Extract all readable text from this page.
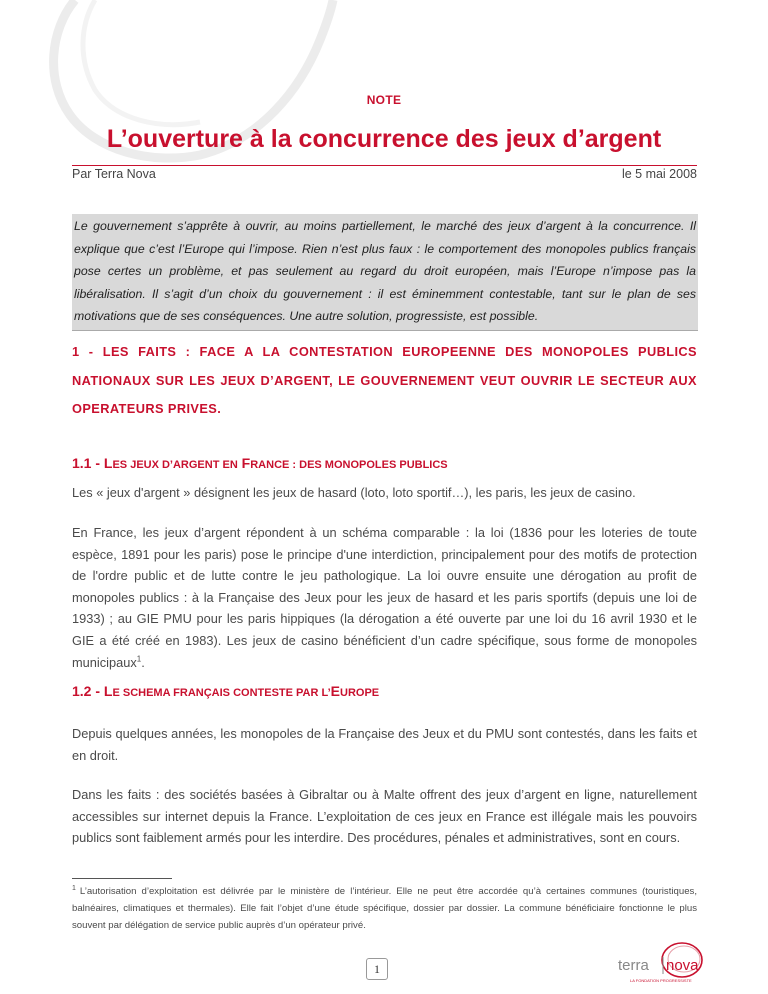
NOTE
L’ouverture à la concurrence des jeux d’argent
Par Terra Nova	le 5 mai 2008
Le gouvernement s’apprête à ouvrir, au moins partiellement, le marché des jeux d’argent à la concurrence. Il explique que c’est l’Europe qui l’impose. Rien n’est plus faux : le comportement des monopoles publics français pose certes un problème, et pas seulement au regard du droit européen, mais l’Europe n’impose pas la libéralisation. Il s’agit d’un choix du gouvernement : il est éminemment contestable, tant sur le plan de ses motivations que de ses conséquences. Une autre solution, progressiste, est possible.
1 - LES FAITS : FACE A LA CONTESTATION EUROPEENNE DES MONOPOLES PUBLICS NATIONAUX SUR LES JEUX D’ARGENT, LE GOUVERNEMENT VEUT OUVRIR LE SECTEUR AUX OPERATEURS PRIVES.
1.1 - LES JEUX D’ARGENT EN FRANCE : DES MONOPOLES PUBLICS

Les « jeux d'argent » désignent les jeux de hasard (loto, loto sportif…), les paris, les jeux de casino.

En France, les jeux d’argent répondent à un schéma comparable : la loi (1836 pour les loteries de toute espèce, 1891 pour les paris) pose le principe d'une interdiction, principalement pour des motifs de protection de l'ordre public et de lutte contre le jeu pathologique. La loi ouvre ensuite une dérogation au profit de monopoles publics : à la Française des Jeux pour les jeux de hasard et les paris sportifs (depuis une loi de 1933) ; au GIE PMU pour les paris hippiques (la dérogation a été ouverte par une loi du 16 avril 1930 et le GIE a été créé en 1983). Les jeux de casino bénéficient d’un cadre spécifique, sous forme de monopoles municipaux$^1$.

1.2 - LE SCHEMA FRANÇAIS CONTESTE PAR L’EUROPE

Depuis quelques années, les monopoles de la Française des Jeux et du PMU sont contestés, dans les faits et en droit.

Dans les faits : des sociétés basées à Gibraltar ou à Malte offrent des jeux d’argent en ligne, naturellement accessibles sur internet depuis la France. L’exploitation de ces jeux en France est illégale mais les pouvoirs publics sont faiblement armés pour les interdire. Des procédures, pénales et administratives, sont en cours.

$^1$ L’autorisation d’exploitation est délivrée par le ministère de l’intérieur. Elle ne peut être accordée qu’à certaines communes (touristiques, balnéaires, climatiques et thermales). Elle fait l’objet d’une étude spécifique, dossier par dossier. La commune bénéficiaire fonctionne le plus souvent par délégation de service public auprès d’un opérateur privé.
1	terra nova
LA FONDATION PROGRESSISTE
